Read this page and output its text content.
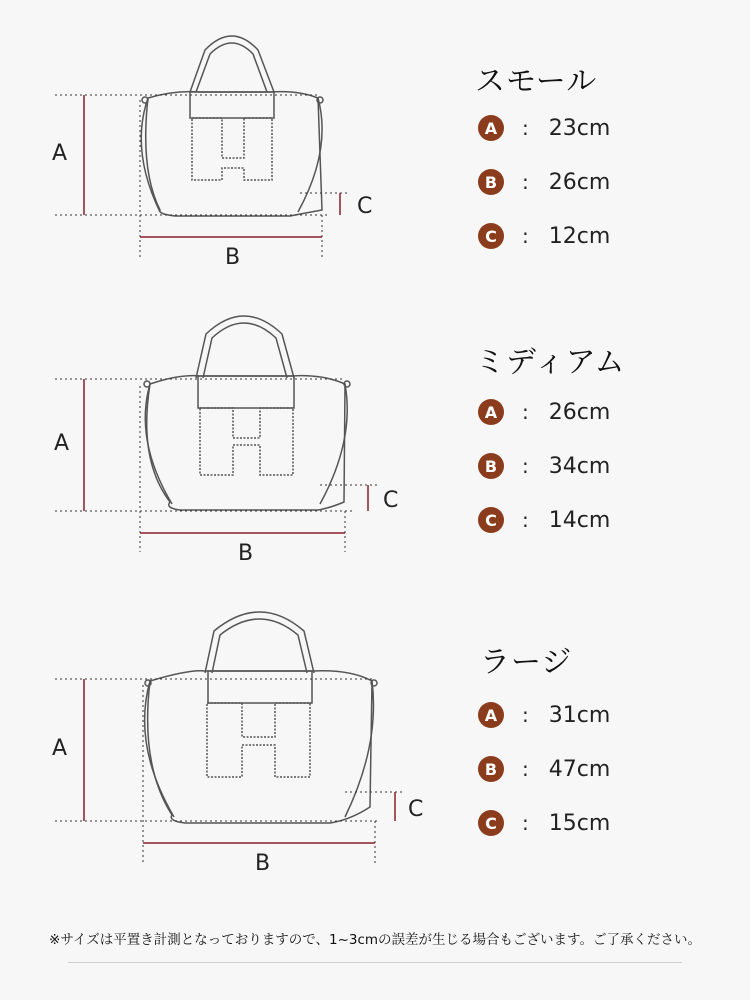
A
B
C
スモール
A	: 23cm
B	: 26cm
C	: 12cm
A
B
C
ミディアム
A	: 26cm
B	: 34cm
C	: 14cm
A
B
C
ラージ
A	: 31cm
B	: 47cm
C	: 15cm
※サイズは平置き計測となっておりますので、1~3cmの誤差が生じる場合もございます。ご了承ください。
